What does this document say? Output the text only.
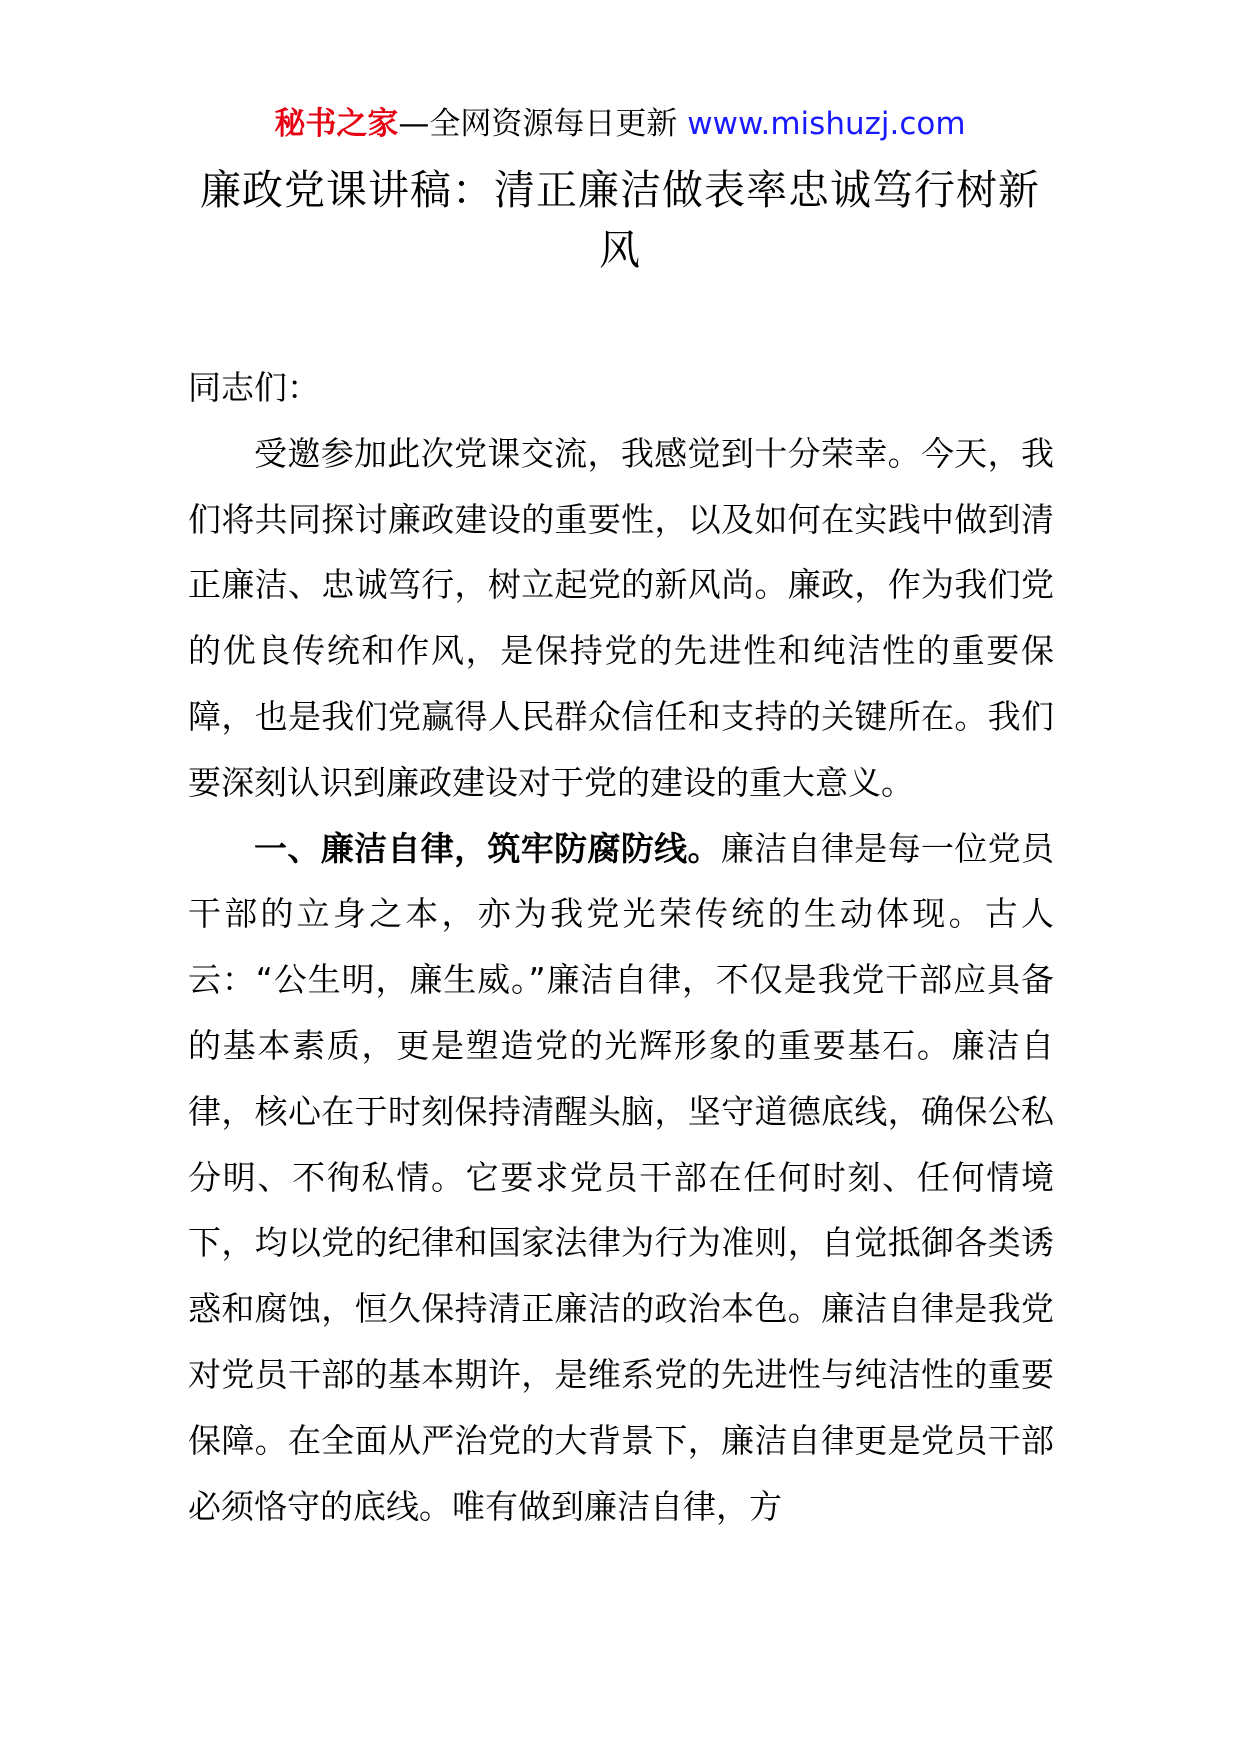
秘书之家—全网资源每日更新 www.mishuzj.com
廉政党课讲稿：清正廉洁做表率忠诚笃行树新风

同志们：

受邀参加此次党课交流，我感觉到十分荣幸。今天，我们将共同探讨廉政建设的重要性，以及如何在实践中做到清正廉洁、忠诚笃行，树立起党的新风尚。廉政，作为我们党的优良传统和作风，是保持党的先进性和纯洁性的重要保障，也是我们党赢得人民群众信任和支持的关键所在。我们要深刻认识到廉政建设对于党的建设的重大意义。

一、廉洁自律，筑牢防腐防线。廉洁自律是每一位党员干部的立身之本，亦为我党光荣传统的生动体现。古人云：“公生明，廉生威。”廉洁自律，不仅是我党干部应具备的基本素质，更是塑造党的光辉形象的重要基石。廉洁自律，核心在于时刻保持清醒头脑，坚守道德底线，确保公私分明、不徇私情。它要求党员干部在任何时刻、任何情境下，均以党的纪律和国家法律为行为准则，自觉抵御各类诱惑和腐蚀，恒久保持清正廉洁的政治本色。廉洁自律是我党对党员干部的基本期许，是维系党的先进性与纯洁性的重要保障。在全面从严治党的大背景下，廉洁自律更是党员干部必须恪守的底线。唯有做到廉洁自律，方
